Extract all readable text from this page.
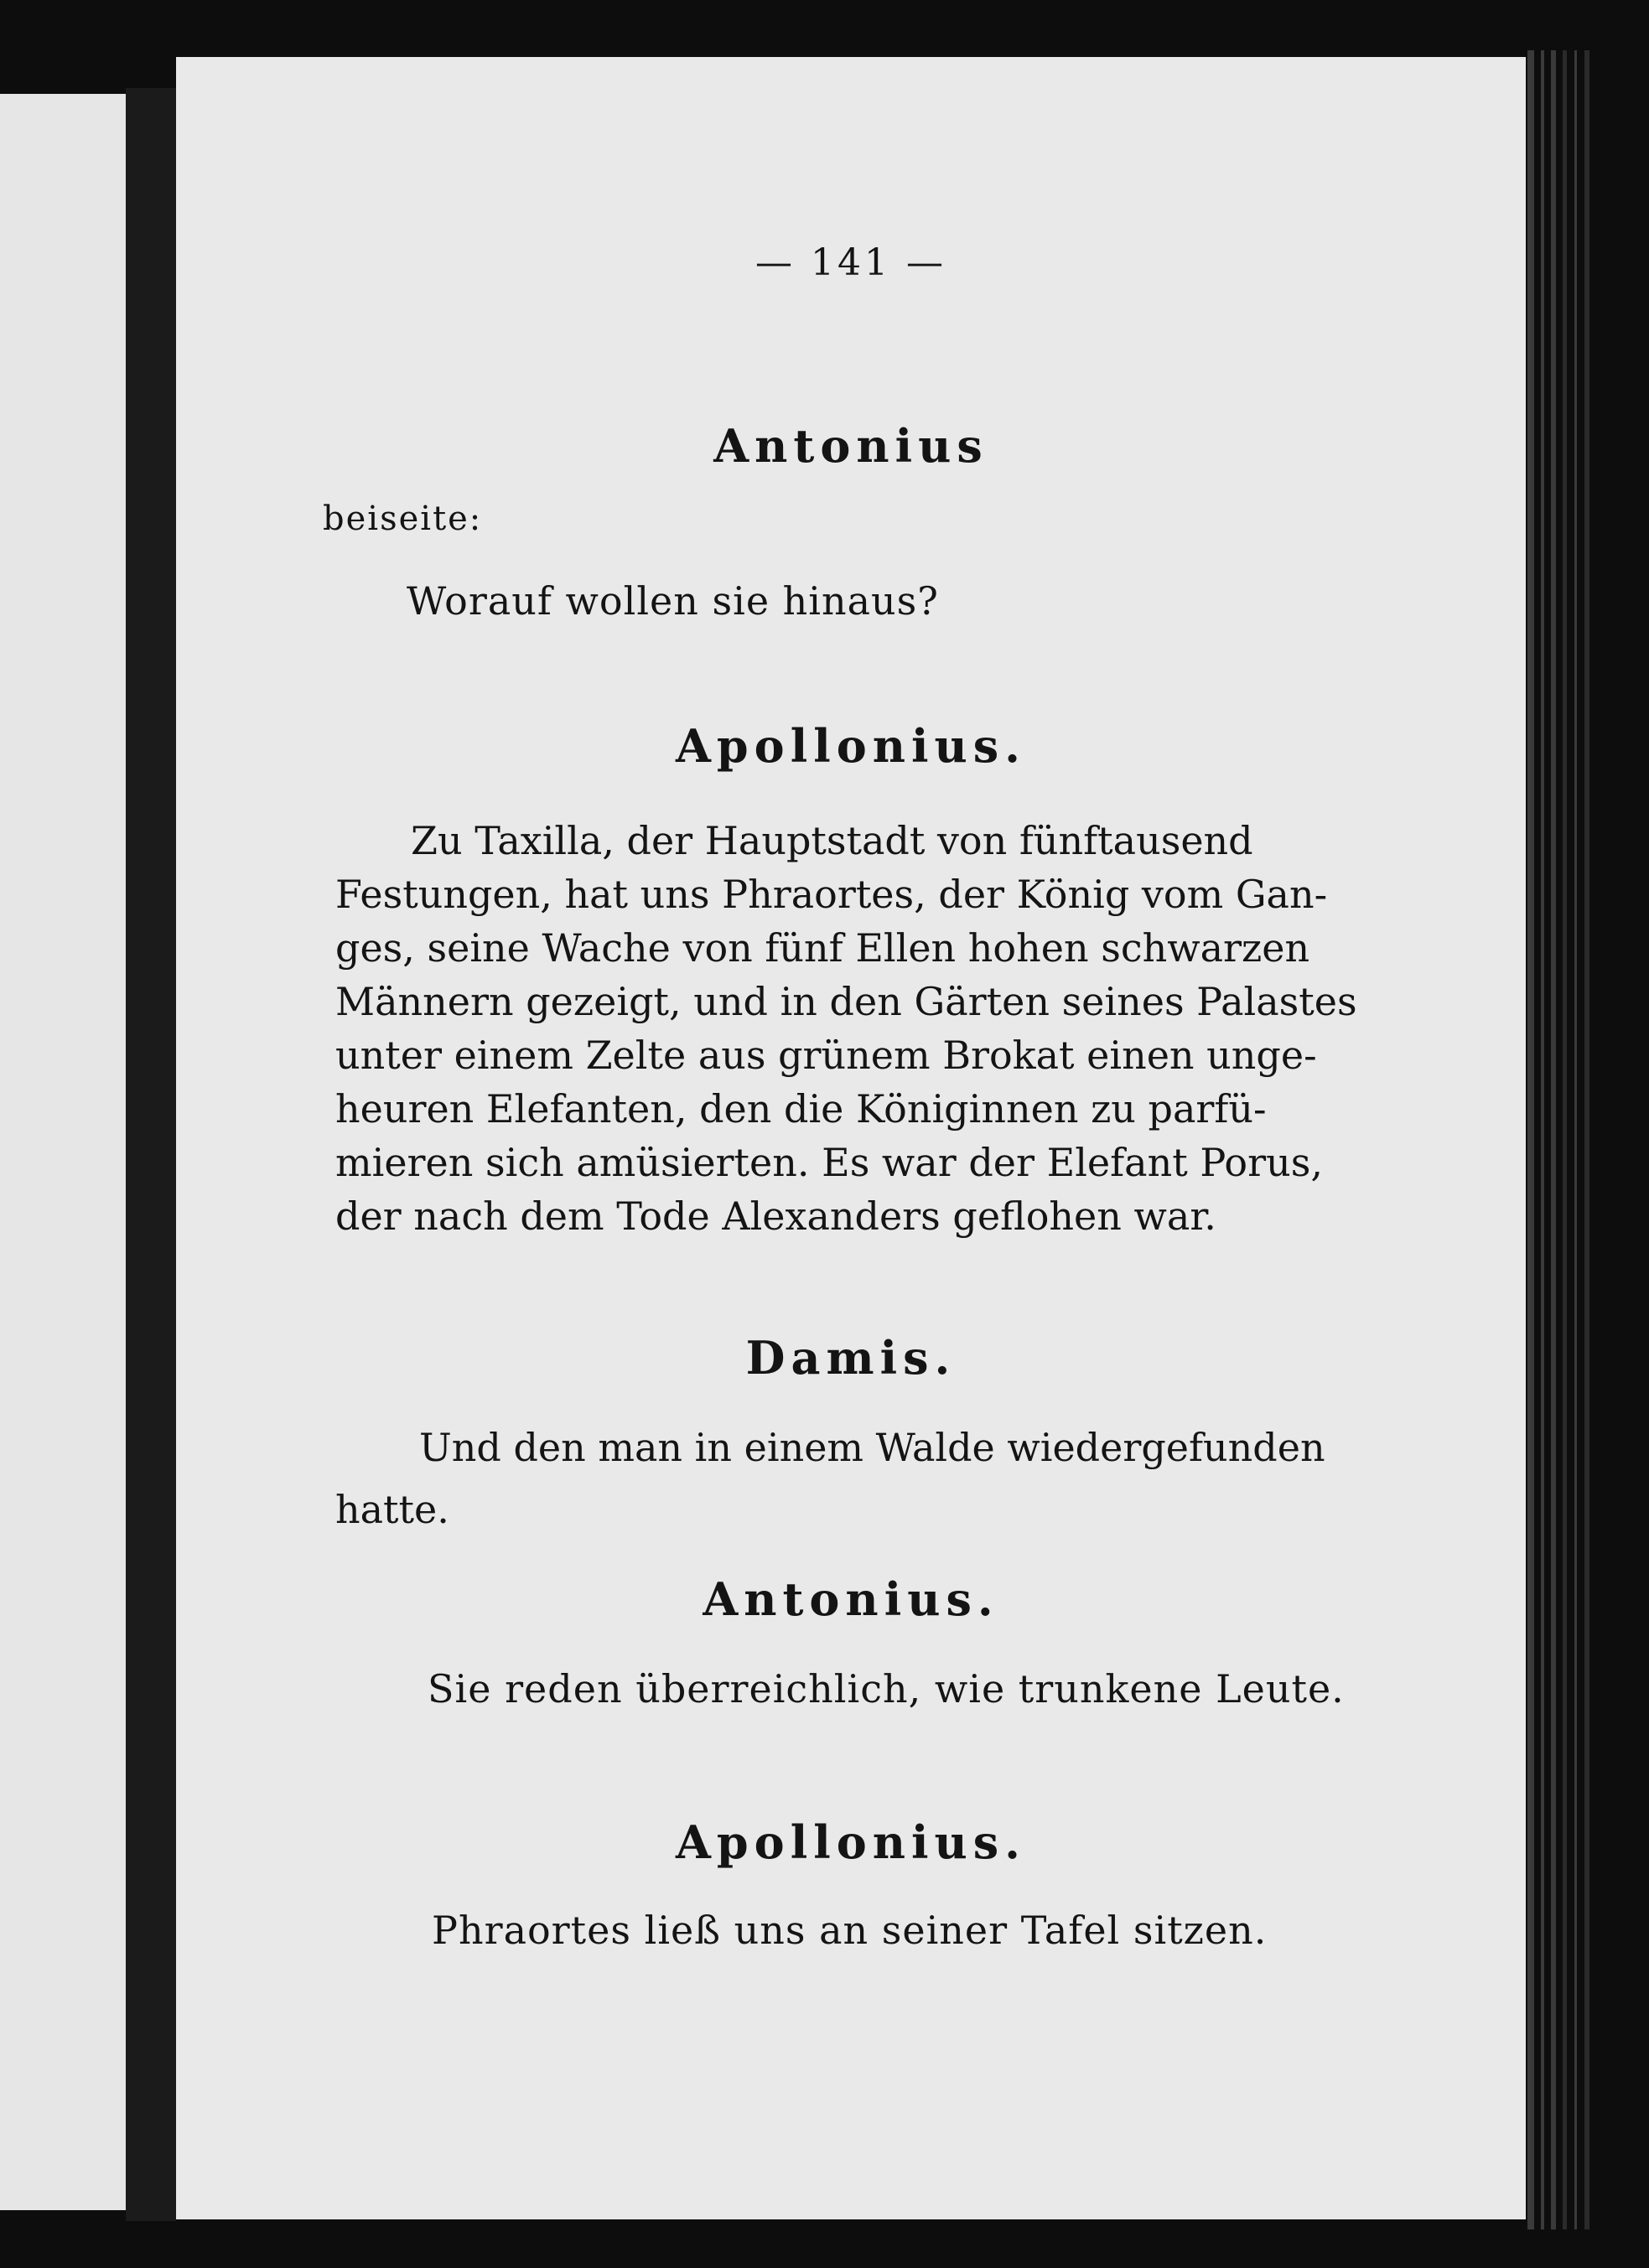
— 141 —
Antonius
beiseite:
Worauf wollen sie hinaus?
Apollonius.
Zu Taxilla, der Hauptstadt von fünftausend
Festungen, hat uns Phraortes, der König vom Gan-
ges, seine Wache von fünf Ellen hohen schwarzen
Männern gezeigt, und in den Gärten seines Palastes
unter einem Zelte aus grünem Brokat einen unge-
heuren Elefanten, den die Königinnen zu parfü-
mieren sich amüsierten. Es war der Elefant Porus,
der nach dem Tode Alexanders geflohen war.
Damis.
Und den man in einem Walde wiedergefunden
hatte.
Antonius.
Sie reden überreichlich, wie trunkene Leute.
Apollonius.
Phraortes ließ uns an seiner Tafel sitzen.
